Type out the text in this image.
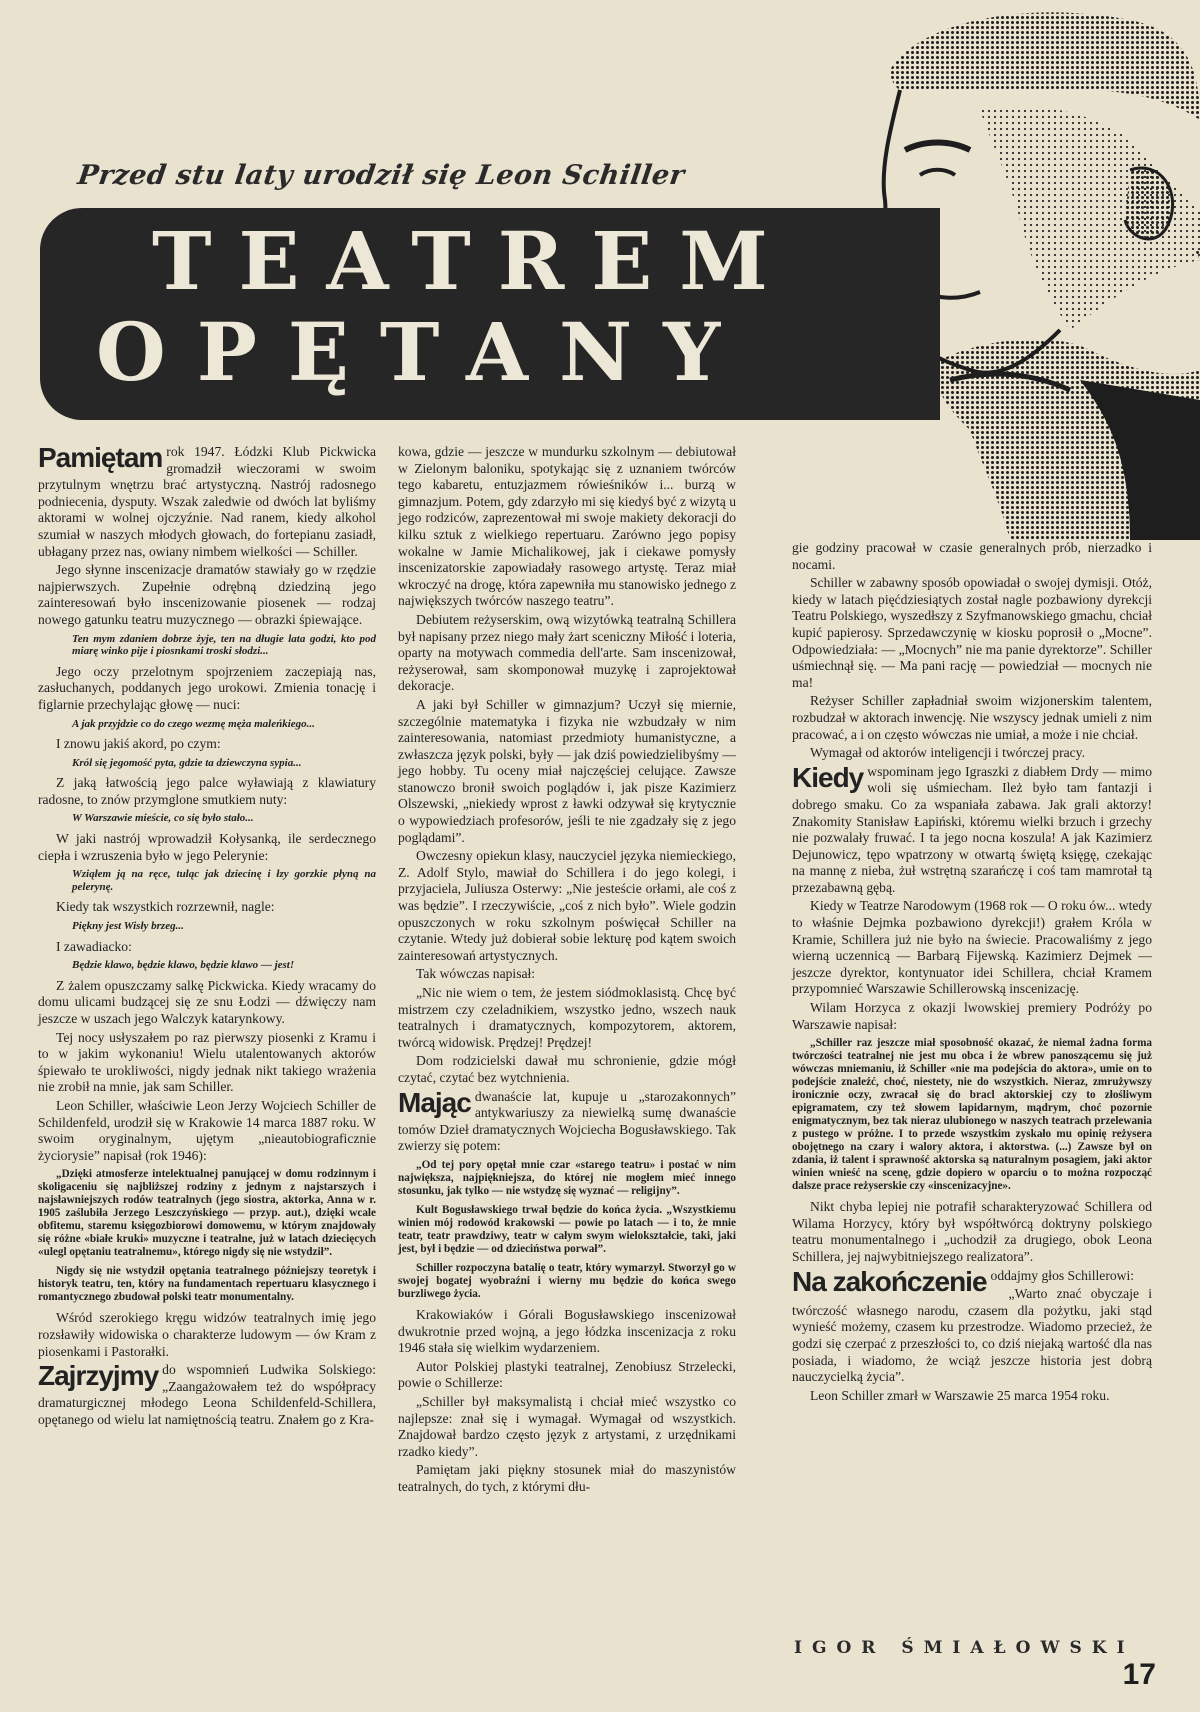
Przed stu laty urodził się Leon Schiller
TEATREM
OPĘTANY

Pamiętam rok 1947. Łódzki Klub Pickwicka gromadził wieczorami w swoim przytulnym wnętrzu brać artystyczną. Nastrój radosnego podniecenia, dysputy. Wszak zaledwie od dwóch lat byliśmy aktorami w wolnej ojczyźnie. Nad ranem, kiedy alkohol szumiał w naszych młodych głowach, do fortepianu zasiadł, ubłagany przez nas, owiany nimbem wielkości — Schiller.

Jego słynne inscenizacje dramatów stawiały go w rzędzie najpierwszych. Zupełnie odrębną dziedziną jego zainteresowań było inscenizowanie piosenek — rodzaj nowego gatunku teatru muzycznego — obrazki śpiewające.

Ten mym zdaniem dobrze żyje, ten na długie lata godzi, kto pod miarę winko pije i piosnkami troski słodzi...

Jego oczy przelotnym spojrzeniem zaczepiają nas, zasłuchanych, poddanych jego urokowi. Zmienia tonację i figlarnie przechylając głowę — nuci:

A jak przyjdzie co do czego wezmę męża maleńkiego...

I znowu jakiś akord, po czym:

Król się jegomość pyta, gdzie ta dziewczyna sypia...

Z jaką łatwością jego palce wyławiają z klawiatury radosne, to znów przymglone smutkiem nuty:

W Warszawie mieście, co się było stało...

W jaki nastrój wprowadził Kołysanką, ile serdecznego ciepła i wzruszenia było w jego Pelerynie:

Wziąłem ją na ręce, tuląc jak dziecinę i łzy gorzkie płyną na pelerynę.

Kiedy tak wszystkich rozrzewnił, nagle:

Piękny jest Wisły brzeg...

I zawadiacko:

Będzie klawo, będzie klawo, będzie klawo — jest!

Z żalem opuszczamy salkę Pickwicka. Kiedy wracamy do domu ulicami budzącej się ze snu Łodzi — dźwięczy nam jeszcze w uszach jego Walczyk katarynkowy.

Tej nocy usłyszałem po raz pierwszy piosenki z Kramu i to w jakim wykonaniu! Wielu utalentowanych aktorów śpiewało te urokliwości, nigdy jednak nikt takiego wrażenia nie zrobił na mnie, jak sam Schiller.

Leon Schiller, właściwie Leon Jerzy Wojciech Schiller de Schildenfeld, urodził się w Krakowie 14 marca 1887 roku. W swoim oryginalnym, ujętym „nieautobiograficznie życiorysie” napisał (rok 1946):

„Dzięki atmosferze intelektualnej panującej w domu rodzinnym i skoligaceniu się najbliższej rodziny z jednym z najstarszych i najsławniejszych rodów teatralnych (jego siostra, aktorka, Anna w r. 1905 zaślubiła Jerzego Leszczyńskiego — przyp. aut.), dzięki wcale obfitemu, staremu księgozbiorowi domowemu, w którym znajdowały się różne «białe kruki» muzyczne i teatralne, już w latach dziecięcych «ulegl opętaniu teatralnemu», którego nigdy się nie wstydził”.

Nigdy się nie wstydził opętania teatralnego późniejszy teoretyk i historyk teatru, ten, który na fundamentach repertuaru klasycznego i romantycznego zbudował polski teatr monumentalny.

Wśród szerokiego kręgu widzów teatralnych imię jego rozsławiły widowiska o charakterze ludowym — ów Kram z piosenkami i Pastorałki.

Zajrzyjmy do wspomnień Ludwika Solskiego: „Zaangażowałem też do współpracy dramaturgicznej młodego Leona Schildenfeld-Schillera, opętanego od wielu lat namiętnością teatru. Znałem go z Kra-

kowa, gdzie — jeszcze w mundurku szkolnym — debiutował w Zielonym baloniku, spotykając się z uznaniem twórców tego kabaretu, entuzjazmem rówieśników i... burzą w gimnazjum. Potem, gdy zdarzyło mi się kiedyś być z wizytą u jego rodziców, zaprezentował mi swoje makiety dekoracji do kilku sztuk z wielkiego repertuaru. Zarówno jego popisy wokalne w Jamie Michalikowej, jak i ciekawe pomysły inscenizatorskie zapowiadały rasowego artystę. Teraz miał wkroczyć na drogę, która zapewniła mu stanowisko jednego z największych twórców naszego teatru”.

Debiutem reżyserskim, ową wizytówką teatralną Schillera był napisany przez niego mały żart sceniczny Miłość i loteria, oparty na motywach commedia dell'arte. Sam inscenizował, reżyserował, sam skomponował muzykę i zaprojektował dekoracje.

A jaki był Schiller w gimnazjum? Uczył się miernie, szczególnie matematyka i fizyka nie wzbudzały w nim zainteresowania, natomiast przedmioty humanistyczne, a zwłaszcza język polski, były — jak dziś powiedzielibyśmy — jego hobby. Tu oceny miał najczęściej celujące. Zawsze stanowczo bronił swoich poglądów i, jak pisze Kazimierz Olszewski, „niekiedy wprost z ławki odzywał się krytycznie o wypowiedziach profesorów, jeśli te nie zgadzały się z jego poglądami”.

Owczesny opiekun klasy, nauczyciel języka niemieckiego, Z. Adolf Stylo, mawiał do Schillera i do jego kolegi, i przyjaciela, Juliusza Osterwy: „Nie jesteście orłami, ale coś z was będzie”. I rzeczywiście, „coś z nich było”. Wiele godzin opuszczonych w roku szkolnym poświęcał Schiller na czytanie. Wtedy już dobierał sobie lekturę pod kątem swoich zainteresowań artystycznych.

Tak wówczas napisał:

„Nic nie wiem o tem, że jestem siódmoklasistą. Chcę być mistrzem czy czeladnikiem, wszystko jedno, wszech nauk teatralnych i dramatycznych, kompozytorem, aktorem, twórcą widowisk. Prędzej! Prędzej!

Dom rodzicielski dawał mu schronienie, gdzie mógł czytać, czytać bez wytchnienia.

Mając dwanaście lat, kupuje u „starozakonnych” antykwariuszy za niewielką sumę dwanaście tomów Dzieł dramatycznych Wojciecha Bogusławskiego. Tak zwierzy się potem:

„Od tej pory opętał mnie czar «starego teatru» i postać w nim największa, najpiękniejsza, do której nie mogłem mieć innego stosunku, jak tylko — nie wstydzę się wyznać — religijny”.

Kult Bogusławskiego trwał będzie do końca życia. „Wszystkiemu winien mój rodowód krakowski — powie po latach — i to, że mnie teatr, teatr prawdziwy, teatr w całym swym wielokształcie, taki, jaki jest, był i będzie — od dzieciństwa porwał”.

Schiller rozpoczyna batalię o teatr, który wymarzył. Stworzył go w swojej bogatej wyobraźni i wierny mu będzie do końca swego burzliwego życia.

Krakowiaków i Górali Bogusławskiego inscenizował dwukrotnie przed wojną, a jego łódzka inscenizacja z roku 1946 stała się wielkim wydarzeniem.

Autor Polskiej plastyki teatralnej, Zenobiusz Strzelecki, powie o Schillerze:

„Schiller był maksymalistą i chciał mieć wszystko co najlepsze: znał się i wymagał. Wymagał od wszystkich. Znajdował bardzo często język z artystami, z urzędnikami rzadko kiedy”.

Pamiętam jaki piękny stosunek miał do maszynistów teatralnych, do tych, z którymi dłu-

gie godziny pracował w czasie generalnych prób, nierzadko i nocami.

Schiller w zabawny sposób opowiadał o swojej dymisji. Otóż, kiedy w latach pięćdziesiątych został nagle pozbawiony dyrekcji Teatru Polskiego, wyszedłszy z Szyfmanowskiego gmachu, chciał kupić papierosy. Sprzedawczynię w kiosku poprosił o „Mocne”. Odpowiedziała: — „Mocnych” nie ma panie dyrektorze”. Schiller uśmiechnął się. — Ma pani rację — powiedział — mocnych nie ma!

Reżyser Schiller zapładniał swoim wizjonerskim talentem, rozbudzał w aktorach inwencję. Nie wszyscy jednak umieli z nim pracować, a i on często wówczas nie umiał, a może i nie chciał.

Wymagał od aktorów inteligencji i twórczej pracy.

Kiedy wspominam jego Igraszki z diabłem Drdy — mimo woli się uśmiecham. Ileż było tam fantazji i dobrego smaku. Co za wspaniała zabawa. Jak grali aktorzy! Znakomity Stanisław Łapiński, któremu wielki brzuch i grzechy nie pozwalały fruwać. I ta jego nocna koszula! A jak Kazimierz Dejunowicz, tępo wpatrzony w otwartą świętą księgę, czekając na mannę z nieba, żuł wstrętną szarańczę i coś tam mamrotał tą przezabawną gębą.

Kiedy w Teatrze Narodowym (1968 rok — O roku ów... wtedy to właśnie Dejmka pozbawiono dyrekcji!) grałem Króla w Kramie, Schillera już nie było na świecie. Pracowaliśmy z jego wierną uczennicą — Barbarą Fijewską. Kazimierz Dejmek — jeszcze dyrektor, kontynuator idei Schillera, chciał Kramem przypomnieć Warszawie Schillerowską inscenizację.

Wilam Horzyca z okazji lwowskiej premiery Podróży po Warszawie napisał:

„Schiller raz jeszcze miał sposobność okazać, że niemal żadna forma twórczości teatralnej nie jest mu obca i że wbrew panoszącemu się już wówczas mniemaniu, iż Schiller «nie ma podejścia do aktora», umie on to podejście znaleźć, choć, niestety, nie do wszystkich. Nieraz, zmrużywszy ironicznie oczy, zwracał się do bracl aktorskiej czy to złośliwym epigramatem, czy też słowem lapidarnym, mądrym, choć pozornie enigmatycznym, bez tak nieraz ulubionego w naszych teatrach przelewania z pustego w próżne. I to przede wszystkim zyskało mu opinię reżysera obojętnego na czary i walory aktora, i aktorstwa. (...) Zawsze był on zdania, iż talent i sprawność aktorska są naturalnym posagiem, jaki aktor winien wnieść na scenę, gdzie dopiero w oparciu o to można rozpocząć dalsze prace reżyserskie czy «inscenizacyjne».

Nikt chyba lepiej nie potrafił scharakteryzować Schillera od Wilama Horzycy, który był współtwórcą doktryny polskiego teatru monumentalnego i „uchodził za drugiego, obok Leona Schillera, jej najwybitniejszego realizatora”.

Na zakończenie oddajmy głos Schillerowi:

„Warto znać obyczaje i twórczość własnego narodu, czasem dla pożytku, jaki stąd wynieść możemy, czasem ku przestrodze. Wiadomo przecież, że godzi się czerpać z przeszłości to, co dziś niejaką wartość dla nas posiada, i wiadomo, że wciąż jeszcze historia jest dobrą nauczycielką życia”.

Leon Schiller zmarł w Warszawie 25 marca 1954 roku.

IGOR ŚMIAŁOWSKI
17
